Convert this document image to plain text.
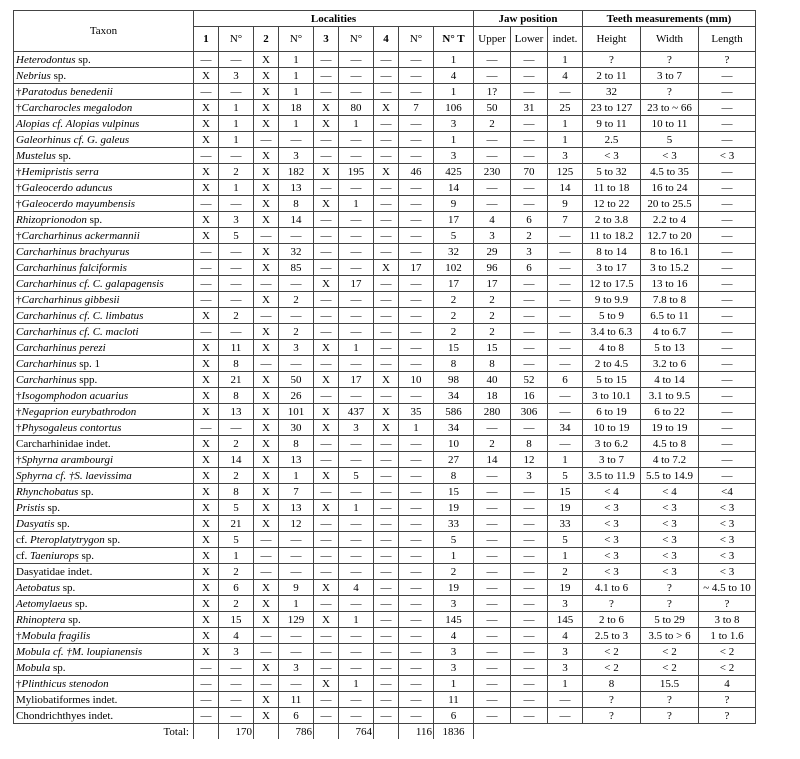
Taxon	Localities									Jaw position			Teeth measurements (mm)		
	1	N°	2	N°	3	N°	4	N°	N° T	Upper	Lower	indet.	Height	Width	Length
Heterodontus sp.	—	—	X	1	—	—	—	—	1	—	—	1	?	?	?
Nebrius sp.	X	3	X	1	—	—	—	—	4	—	—	4	2 to 11	3 to 7	—
†Paratodus benedenii	—	—	X	1	—	—	—	—	1	1?	—	—	32	?	—
†Carcharocles megalodon	X	1	X	18	X	80	X	7	106	50	31	25	23 to 127	23 to ~ 66	—
Alopias cf. Alopias vulpinus	X	1	X	1	X	1	—	—	3	2	—	1	9 to 11	10 to 11	—
Galeorhinus cf. G. galeus	X	1	—	—	—	—	—	—	1	—	—	1	2.5	5	—
Mustelus sp.	—	—	X	3	—	—	—	—	3	—	—	3	< 3	< 3	< 3
†Hemipristis serra	X	2	X	182	X	195	X	46	425	230	70	125	5 to 32	4.5 to 35	—
†Galeocerdo aduncus	X	1	X	13	—	—	—	—	14	—	—	14	11 to 18	16 to 24	—
†Galeocerdo mayumbensis	—	—	X	8	X	1	—	—	9	—	—	9	12 to 22	20 to 25.5	—
Rhizoprionodon sp.	X	3	X	14	—	—	—	—	17	4	6	7	2 to 3.8	2.2 to 4	—
†Carcharhinus ackermannii	X	5	—	—	—	—	—	—	5	3	2	—	11 to 18.2	12.7 to 20	—
Carcharhinus brachyurus	—	—	X	32	—	—	—	—	32	29	3	—	8 to 14	8 to 16.1	—
Carcharhinus falciformis	—	—	X	85	—	—	X	17	102	96	6	—	3 to 17	3 to 15.2	—
Carcharhinus cf. C. galapagensis	—	—	—	—	X	17	—	—	17	17	—	—	12 to 17.5	13 to 16	—
†Carcharhinus gibbesii	—	—	X	2	—	—	—	—	2	2	—	—	9 to 9.9	7.8 to 8	—
Carcharhinus cf. C. limbatus	X	2	—	—	—	—	—	—	2	2	—	—	5 to 9	6.5 to 11	—
Carcharhinus cf. C. macloti	—	—	X	2	—	—	—	—	2	2	—	—	3.4 to 6.3	4 to 6.7	—
Carcharhinus perezi	X	11	X	3	X	1	—	—	15	15	—	—	4 to 8	5 to 13	—
Carcharhinus sp. 1	X	8	—	—	—	—	—	—	8	8	—	—	2 to 4.5	3.2 to 6	—
Carcharhinus spp.	X	21	X	50	X	17	X	10	98	40	52	6	5 to 15	4 to 14	—
†Isogomphodon acuarius	X	8	X	26	—	—	—	—	34	18	16	—	3 to 10.1	3.1 to 9.5	—
†Negaprion eurybathrodon	X	13	X	101	X	437	X	35	586	280	306	—	6 to 19	6 to 22	—
†Physogaleus contortus	—	—	X	30	X	3	X	1	34	—	—	34	10 to 19	19 to 19	—
Carcharhinidae indet.	X	2	X	8	—	—	—	—	10	2	8	—	3 to 6.2	4.5 to 8	—
†Sphyrna arambourgi	X	14	X	13	—	—	—	—	27	14	12	1	3 to 7	4 to 7.2	—
Sphyrna cf. †S. laevissima	X	2	X	1	X	5	—	—	8	—	3	5	3.5 to 11.9	5.5 to 14.9	—
Rhynchobatus sp.	X	8	X	7	—	—	—	—	15	—	—	15	< 4	< 4	<4
Pristis sp.	X	5	X	13	X	1	—	—	19	—	—	19	< 3	< 3	< 3
Dasyatis sp.	X	21	X	12	—	—	—	—	33	—	—	33	< 3	< 3	< 3
cf. Pteroplatytrygon sp.	X	5	—	—	—	—	—	—	5	—	—	5	< 3	< 3	< 3
cf. Taeniurops sp.	X	1	—	—	—	—	—	—	1	—	—	1	< 3	< 3	< 3
Dasyatidae indet.	X	2	—	—	—	—	—	—	2	—	—	2	< 3	< 3	< 3
Aetobatus sp.	X	6	X	9	X	4	—	—	19	—	—	19	4.1 to 6	?	~ 4.5 to 10
Aetomylaeus sp.	X	2	X	1	—	—	—	—	3	—	—	3	?	?	?
Rhinoptera sp.	X	15	X	129	X	1	—	—	145	—	—	145	2 to 6	5 to 29	3 to 8
†Mobula fragilis	X	4	—	—	—	—	—	—	4	—	—	4	2.5 to 3	3.5 to > 6	1 to 1.6
Mobula cf. †M. loupianensis	X	3	—	—	—	—	—	—	3	—	—	3	< 2	< 2	< 2
Mobula sp.	—	—	X	3	—	—	—	—	3	—	—	3	< 2	< 2	< 2
†Plinthicus stenodon	—	—	—	—	X	1	—	—	1	—	—	1	8	15.5	4
Myliobatiformes indet.	—	—	X	11	—	—	—	—	11	—	—	—	?	?	?
Chondrichthyes indet.	—	—	X	6	—	—	—	—	6	—	—	—	?	?	?
Total:		170		786		764		116	1836						
